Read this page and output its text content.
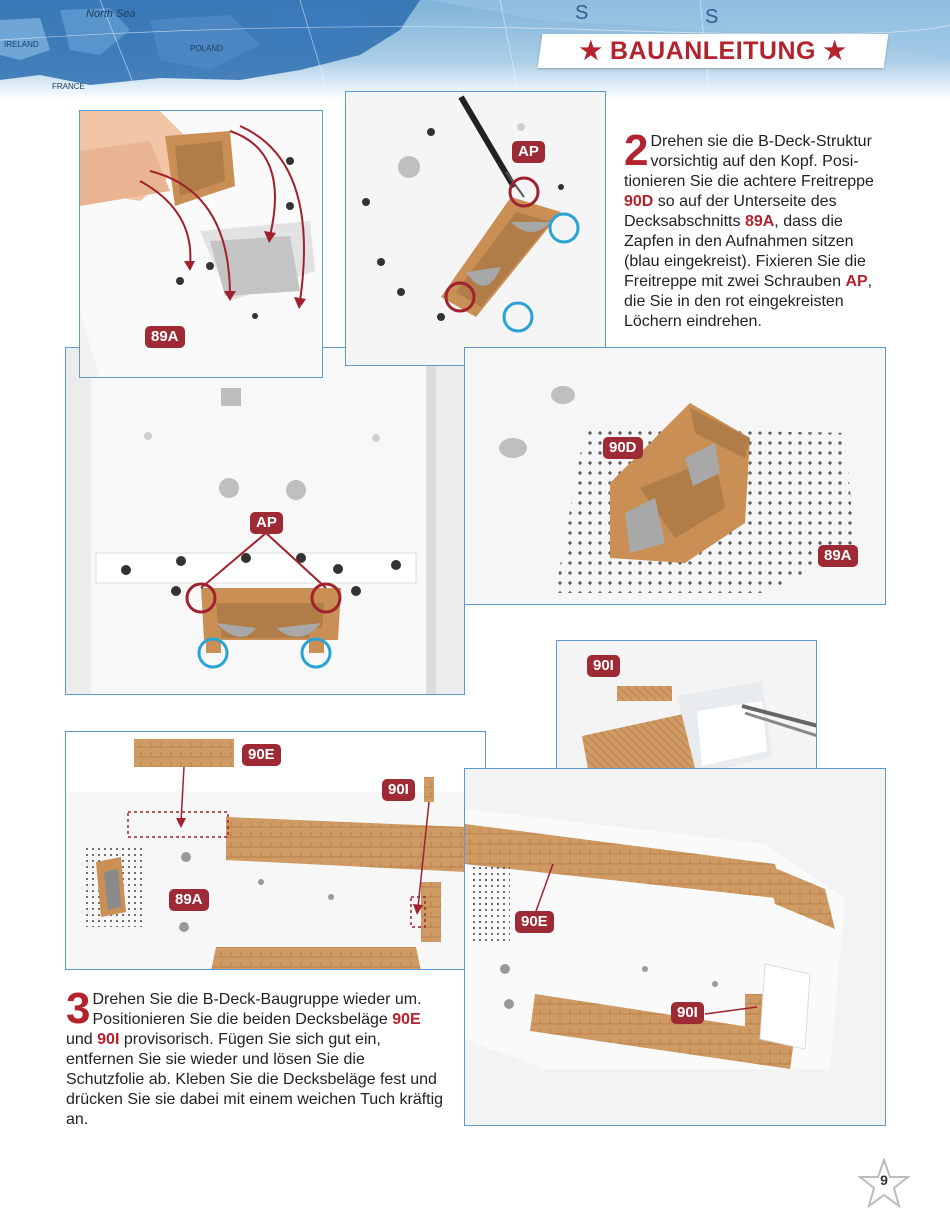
North Sea
IRELAND
FRANCE
POLAND
S	S
★ BAUANLEITUNG ★
AP
89A
AP 2 Drehen sie die B-Deck-Struktur vorsichtig auf den Kopf. Positionieren Sie die achtere Freitreppe 90D so auf der Unterseite des Decksabschnitts 89A, dass die Zapfen in den Aufnahmen sitzen (blau eingekreist). Fixieren Sie die Freitreppe mit zwei Schrauben AP, die Sie in den rot eingekreisten Löchern eindrehen.
90D
89A
90I
90E
90I
89A
90E
90I
3 Drehen Sie die B-Deck-Baugruppe wieder um. Positionieren Sie die beiden Decksbeläge 90E und 90I provisorisch. Fügen Sie sich gut ein, entfernen Sie sie wieder und lösen Sie die Schutzfolie ab. Kleben Sie die Decksbeläge fest und drücken Sie sie dabei mit einem weichen Tuch kräftig an.
9
